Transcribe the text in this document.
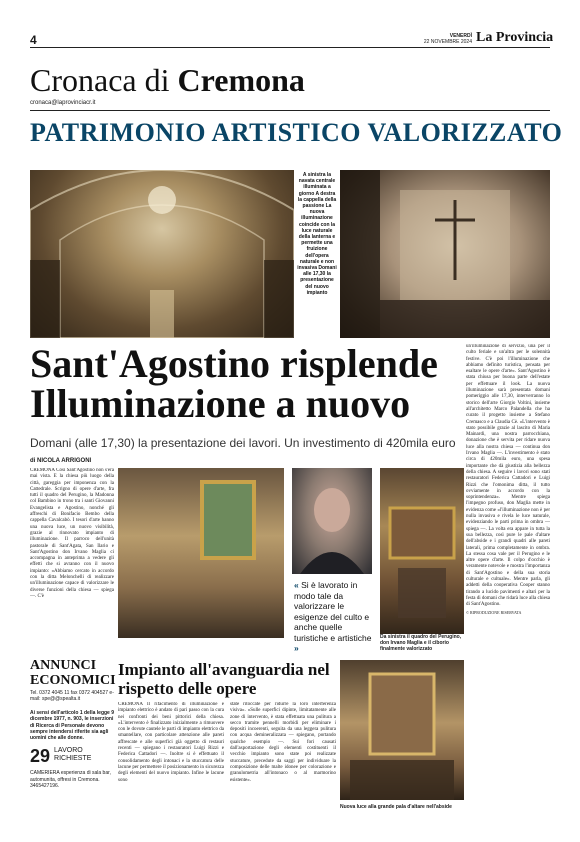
4	VENERDÌ
22 NOVEMBRE 2024 La Provincia
Cronaca di Cremona
cronaca@laprovinciacr.it
PATRIMONIO ARTISTICO VALORIZZATO
A sinistra la navata centrale illuminata a giorno A destra la cappella della passione La nuova illuminazione coincide con la luce naturale della lanterna e permette una fruizione dell'opera naturale e non invasiva Domani alle 17,30 la presentazione del nuovo impianto
Sant'Agostino risplende Illuminazione a nuovo
Domani (alle 17,30) la presentazione dei lavori. Un investimento di 420mila euro
di NICOLA ARRIGONI
CREMONA Così Sant'Agostino non s'era mai vista. E la chiesa più luogo della città, gareggia per imponenza con la Cattedrale. Scrigno di opere d'arte, fra tutti il quadro del Perugino, la Madonna col Bambino in trono tra i santi Giovanni Evangelista e Agostino, nonché gli affreschi di Bonifacio Bembo della cappella Cavalcabò. I tesori d'arte hanno una nuova luce, un nuovo visibilità, grazie al rinnovato impianto di illuminazione. Il parroco dell'unità pastorale di Sant'Agata, San Ilario e Sant'Agostino don Irvano Maglia ci accompagna in anteprima a vedere gli effetti che si avranno con il nuovo impianto: «Abbiamo cercato in accordo con la ditta Melonchelli di realizzare un'illuminazione capace di valorizzare le diverse funzioni della chiesa — spiega —. C'è
un'illuminazione di servizio, una per il culto feriale e un'altra per le solennità festive. C'è poi l'illuminazione che abbiamo definito turistica, pensata per esaltare le opere d'arte». Sant'Agostino è stata chiusa per buona parte dell'estate per effettuare il look. La nuova illuminazione sarà presentata domani pomeriggio alle 17,30, interverranno lo storico dell'arte Giorgio Voltini, insieme all'architetto Marco Palandella che ha curato il progetto insieme a Stefano Cremasco e a Claudia Cè. «L'intervento è stato possibile grazie al lascito di Maria Mainardi, una nostra parrocchiana, donazione che è servita per ridare nuova luce alla nostra chiesa — continua don Irvano Maglia —. L'investimento è stato circa di 420mila euro, una spesa importante che dà giustizia alla bellezza della chiesa. A seguire i lavori sono stati restauratori Federica Cattadori e Luigi Rizzi che l'omonima ditta, il tutto ovviamente in accordo con la soprintendenza». Mentre spiega l'impegno profuso, don Maglia mette in evidenza come «l'illuminazione non è per nulla invasiva e rivela le luce naturale, evidenziando le parti prima in ombra — spiega —. La volta era appare in tutta la sua bellezza, così pure le pale d'altare dell'abside e i grandi quadri alle pareti laterali, prima completamente in ombra. La stessa cosa vale per il Perugino e le altre opere d'arte. Il colpo d'occhio è veramente notevole e mostra l'importanza di Sant'Agostino e della sua storia culturale e cultuale». Mentre parla, gli addetti della cooperativa Cooper stanno tirando a lucido pavimenti e altari per la festa di domani che ridarà luce alla chiesa di Sant'Agostino.
© RIPRODUZIONE RISERVATA
« Si è lavorato in modo tale da valorizzare le esigenze del culto e anche quelle turistiche e artistiche »
Da sinistra il quadro del Perugino, don Irvano Maglia e il ciborio finalmente valorizzato
ANNUNCI
ECONOMICI
Tel. 0372 4045 11 fax 0372 404527 e-mail: spe@@spealta.it
Ai sensi dell'articolo 1 della legge 9 dicembre 1977, n. 903, le inserzioni di Ricerca di Personale devono sempre intendersi riferite sia agli uomini che alle donne.
29 LAVORO
RICHIESTE
CAMERIERA esperienza di sala bar, automunita, offresi in Cremona. 3465427196.
Impianto all'avanguardia nel rispetto delle opere
CREMONA Il rifacimento di illuminazione e impianto elettrico è andato di pari passo con la cura nei confronti dei beni pittorici della chiesa. «L'intervento è finalizzato inizialmente a rimuovere con le dovute cautele le parti di impianto elettrico da smantellare, con particolare attenzione alle pareti affrescate e alle superfici già oggetto di restauri recenti — spiegano i restauratori Luigi Rizzi e Federica Cattadori —. Inoltre si è effettuato il consolidamento degli intonaci e la stuccatura delle lacune per permettere il posizionamento in sicurezza degli elementi del nuovo impianto. Infine le lacune sono
state ritoccate per ridurre la loro interferenza visiva». «Sulle superfici dipinte, limitatamente alle zone di intervento, è stata effettuata una pulitura a secco tramite pennelli morbidi per eliminare i depositi incoerenti, seguita da una leggera pulitura con acqua demineralizzata — spiegano, portando qualche esempio —. Sui fori causati dall'asportazione degli elementi costituenti il vecchio impianto sono state poi realizzate stuccature, precedute da saggi per individuare la composizione delle malte idonee per colorazione e granulometria all'intonaco o al marmorino esistente».
Nuova luce alla grande pala d'altare nell'abside
